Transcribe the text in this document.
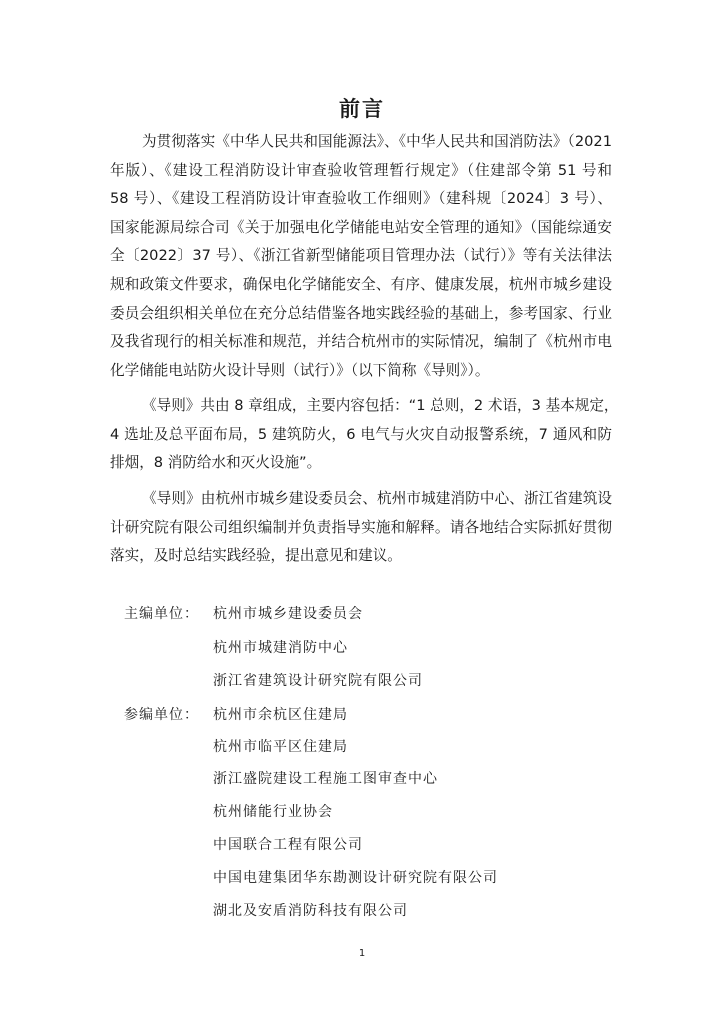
前言
为贯彻落实《中华人民共和国能源法》、《中华人民共和国消防法》（2021
年版）、《建设工程消防设计审查验收管理暂行规定》（住建部令第 51 号和
58 号）、《建设工程消防设计审查验收工作细则》（建科规〔2024〕3 号）、
国家能源局综合司《关于加强电化学储能电站安全管理的通知》（国能综通安
全〔2022〕37 号）、《浙江省新型储能项目管理办法（试行）》等有关法律法
规和政策文件要求，确保电化学储能安全、有序、健康发展，杭州市城乡建设
委员会组织相关单位在充分总结借鉴各地实践经验的基础上，参考国家、行业
及我省现行的相关标准和规范，并结合杭州市的实际情况，编制了《杭州市电
化学储能电站防火设计导则（试行）》（以下简称《导则》）。
《导则》共由 8 章组成，主要内容包括：“1 总则，2 术语，3 基本规定，
4 选址及总平面布局，5 建筑防火，6 电气与火灾自动报警系统，7 通风和防
排烟，8 消防给水和灭火设施”。
《导则》由杭州市城乡建设委员会、杭州市城建消防中心、浙江省建筑设
计研究院有限公司组织编制并负责指导实施和解释。请各地结合实际抓好贯彻
落实，及时总结实践经验，提出意见和建议。
主编单位： 杭州市城乡建设委员会
杭州市城建消防中心
浙江省建筑设计研究院有限公司
参编单位： 杭州市余杭区住建局
杭州市临平区住建局
浙江盛院建设工程施工图审查中心
杭州储能行业协会
中国联合工程有限公司
中国电建集团华东勘测设计研究院有限公司
湖北及安盾消防科技有限公司
1
